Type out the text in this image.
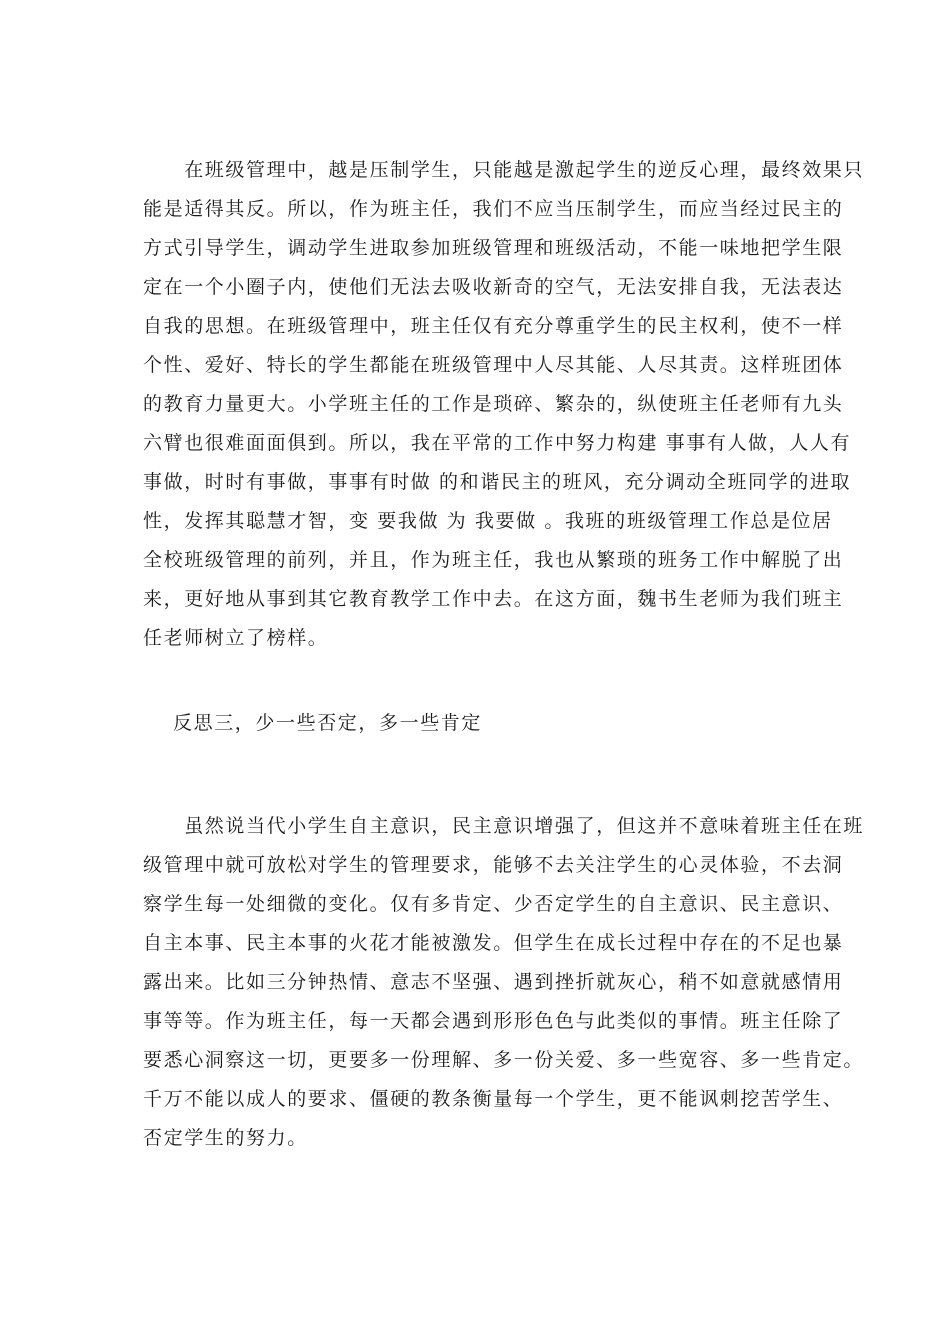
　　在班级管理中，越是压制学生，只能越是激起学生的逆反心理，最终效果只
能是适得其反。所以，作为班主任，我们不应当压制学生，而应当经过民主的
方式引导学生，调动学生进取参加班级管理和班级活动，不能一味地把学生限
定在一个小圈子内，使他们无法去吸收新奇的空气，无法安排自我，无法表达
自我的思想。在班级管理中，班主任仅有充分尊重学生的民主权利，使不一样
个性、爱好、特长的学生都能在班级管理中人尽其能、人尽其责。这样班团体
的教育力量更大。小学班主任的工作是琐碎、繁杂的，纵使班主任老师有九头
六臂也很难面面俱到。所以，我在平常的工作中努力构建 事事有人做，人人有
事做，时时有事做，事事有时做 的和谐民主的班风，充分调动全班同学的进取
性，发挥其聪慧才智，变 要我做 为 我要做 。我班的班级管理工作总是位居
全校班级管理的前列，并且，作为班主任，我也从繁琐的班务工作中解脱了出
来，更好地从事到其它教育教学工作中去。在这方面，魏书生老师为我们班主
任老师树立了榜样。
反思三，少一些否定，多一些肯定
　　虽然说当代小学生自主意识，民主意识增强了，但这并不意味着班主任在班
级管理中就可放松对学生的管理要求，能够不去关注学生的心灵体验，不去洞
察学生每一处细微的变化。仅有多肯定、少否定学生的自主意识、民主意识、
自主本事、民主本事的火花才能被激发。但学生在成长过程中存在的不足也暴
露出来。比如三分钟热情、意志不坚强、遇到挫折就灰心，稍不如意就感情用
事等等。作为班主任，每一天都会遇到形形色色与此类似的事情。班主任除了
要悉心洞察这一切，更要多一份理解、多一份关爱、多一些宽容、多一些肯定。
千万不能以成人的要求、僵硬的教条衡量每一个学生，更不能讽刺挖苦学生、
否定学生的努力。
